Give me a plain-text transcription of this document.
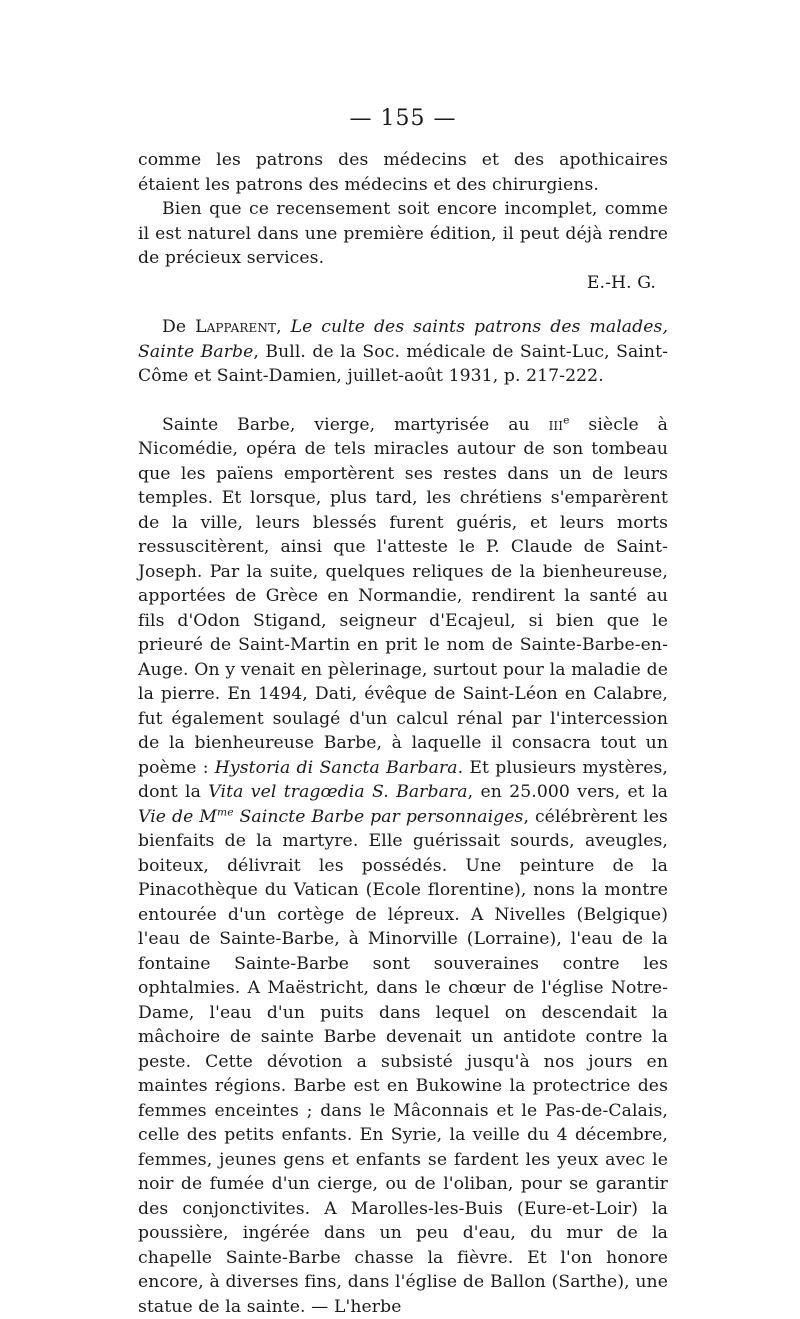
— 155 —

comme les patrons des médecins et des apothicaires étaient les patrons des médecins et des chirurgiens.

Bien que ce recensement soit encore incomplet, comme il est naturel dans une première édition, il peut déjà rendre de précieux services.

E.-H. G.

De Lapparent, Le culte des saints patrons des malades, Sainte Barbe, Bull. de la Soc. médicale de Saint-Luc, Saint-Côme et Saint-Damien, juillet-août 1931, p. 217-222.

Sainte Barbe, vierge, martyrisée au iii$^e$ siècle à Nicomédie, opéra de tels miracles autour de son tombeau que les païens emportèrent ses restes dans un de leurs temples. Et lorsque, plus tard, les chrétiens s'emparèrent de la ville, leurs blessés furent guéris, et leurs morts ressuscitèrent, ainsi que l'atteste le P. Claude de Saint-Joseph. Par la suite, quelques reliques de la bienheureuse, apportées de Grèce en Normandie, rendirent la santé au fils d'Odon Stigand, seigneur d'Ecajeul, si bien que le prieuré de Saint-Martin en prit le nom de Sainte-Barbe-en-Auge. On y venait en pèlerinage, surtout pour la maladie de la pierre. En 1494, Dati, évêque de Saint-Léon en Calabre, fut également soulagé d'un calcul rénal par l'intercession de la bienheureuse Barbe, à laquelle il consacra tout un poème : Hystoria di Sancta Barbara. Et plusieurs mystères, dont la Vita vel tragœdia S. Barbara, en 25.000 vers, et la Vie de $M^{me}$ Saincte Barbe par personnaiges, célébrèrent les bienfaits de la martyre. Elle guérissait sourds, aveugles, boiteux, délivrait les possédés. Une peinture de la Pinacothèque du Vatican (Ecole florentine), nons la montre entourée d'un cortège de lépreux. A Nivelles (Belgique) l'eau de Sainte-Barbe, à Minorville (Lorraine), l'eau de la fontaine Sainte-Barbe sont souveraines contre les ophtalmies. A Maëstricht, dans le chœur de l'église Notre-Dame, l'eau d'un puits dans lequel on descendait la mâchoire de sainte Barbe devenait un antidote contre la peste. Cette dévotion a subsisté jusqu'à nos jours en maintes régions. Barbe est en Bukowine la protectrice des femmes enceintes ; dans le Mâconnais et le Pas-de-Calais, celle des petits enfants. En Syrie, la veille du 4 décembre, femmes, jeunes gens et enfants se fardent les yeux avec le noir de fumée d'un cierge, ou de l'oliban, pour se garantir des conjonctivites. A Marolles-les-Buis (Eure-et-Loir) la poussière, ingérée dans un peu d'eau, du mur de la chapelle Sainte-Barbe chasse la fièvre. Et l'on honore encore, à diverses fins, dans l'église de Ballon (Sarthe), une statue de la sainte. — L'herbe
